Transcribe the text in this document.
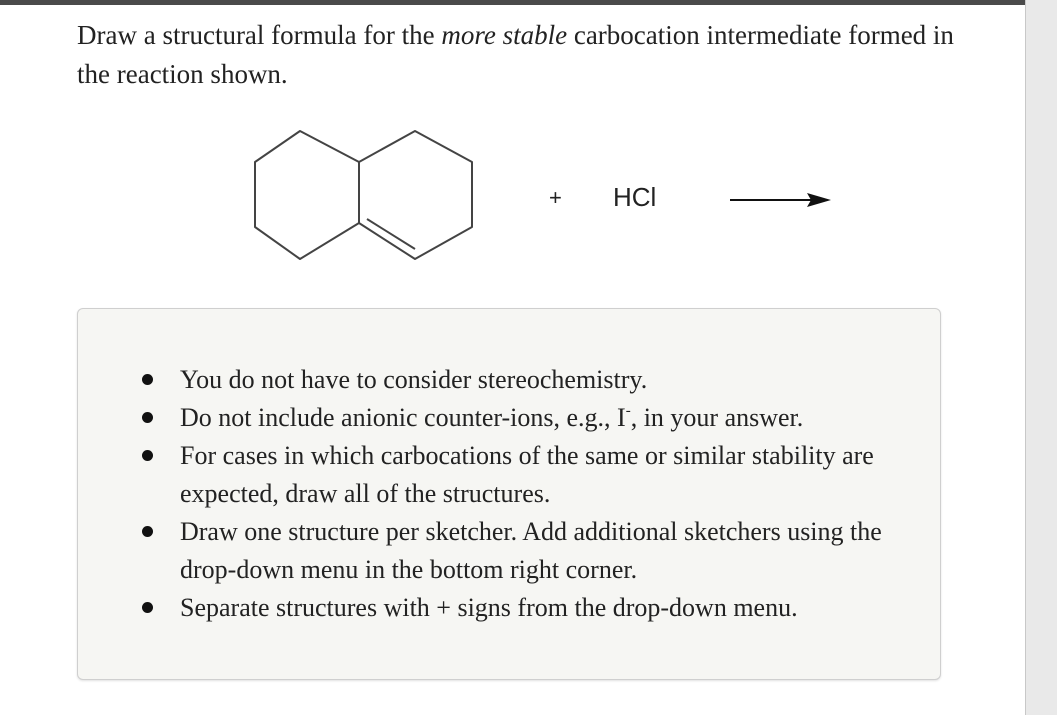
Draw a structural formula for the more stable carbocation intermediate formed in the reaction shown.

+ HCl
You do not have to consider stereochemistry.
Do not include anionic counter-ions, e.g., I-, in your answer.
For cases in which carbocations of the same or similar stability are expected, draw all of the structures.
Draw one structure per sketcher. Add additional sketchers using the drop-down menu in the bottom right corner.
Separate structures with + signs from the drop-down menu.
